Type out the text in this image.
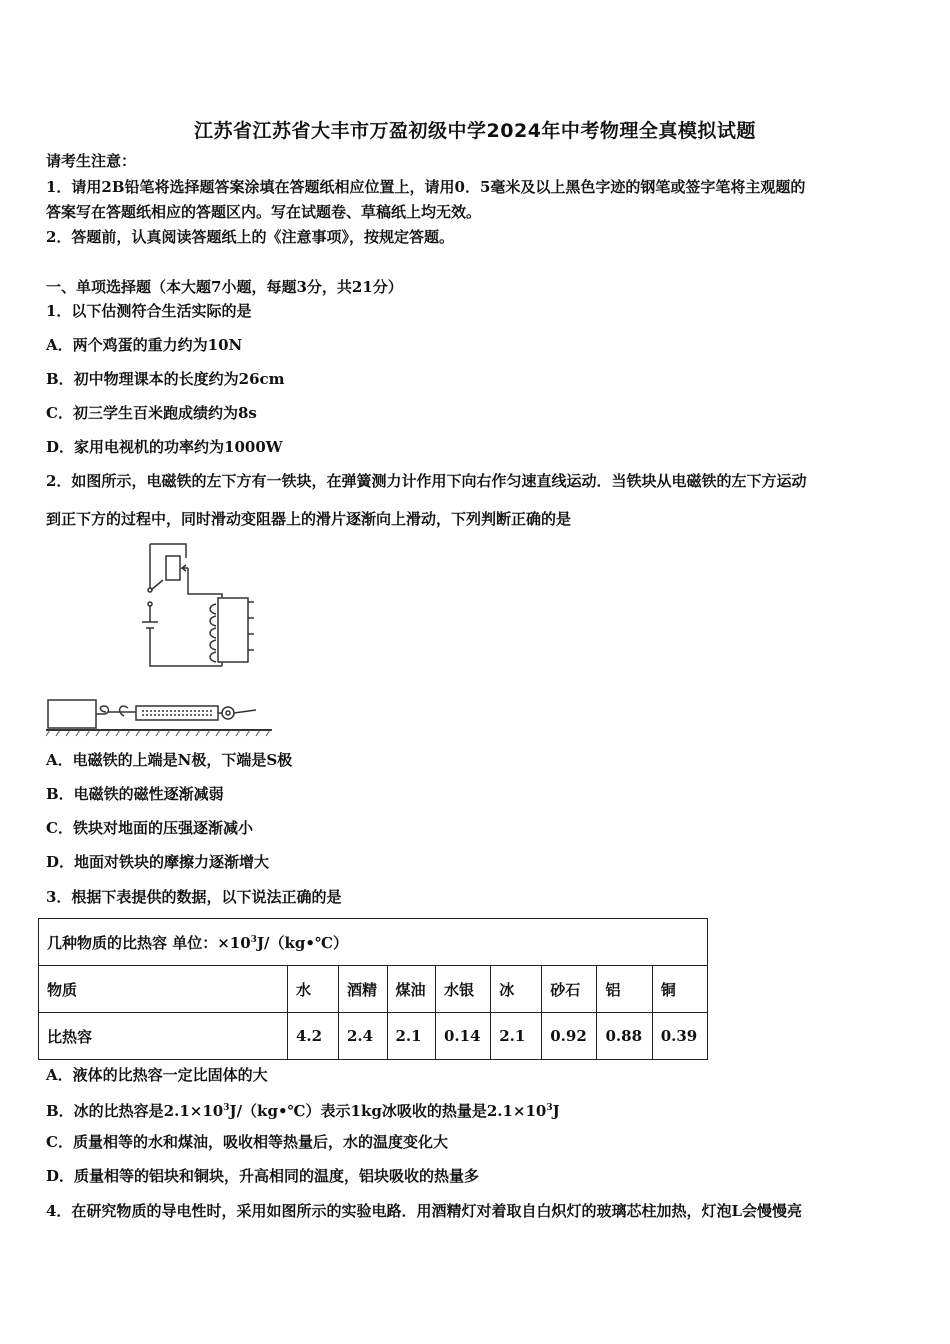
江苏省江苏省大丰市万盈初级中学2024年中考物理全真模拟试题
请考生注意：
1．请用2B铅笔将选择题答案涂填在答题纸相应位置上，请用0．5毫米及以上黑色字迹的钢笔或签字笔将主观题的
答案写在答题纸相应的答题区内。写在试题卷、草稿纸上均无效。
2．答题前，认真阅读答题纸上的《注意事项》，按规定答题。
一、单项选择题（本大题7小题，每题3分，共21分）
1．以下估测符合生活实际的是
A．两个鸡蛋的重力约为10N
B．初中物理课本的长度约为26cm
C．初三学生百米跑成绩约为8s
D．家用电视机的功率约为1000W
2．如图所示，电磁铁的左下方有一铁块，在弹簧测力计作用下向右作匀速直线运动．当铁块从电磁铁的左下方运动
到正下方的过程中，同时滑动变阻器上的滑片逐渐向上滑动，下列判断正确的是
A．电磁铁的上端是N极，下端是S极
B．电磁铁的磁性逐渐减弱
C．铁块对地面的压强逐渐减小
D．地面对铁块的摩擦力逐渐增大
3．根据下表提供的数据，以下说法正确的是
几种物质的比热容 单位：$\times 10^3J/(kg•℃)$								
物质	水	酒精	煤油	水银	冰	砂石	铝	铜
比热容	4.2	2.4	2.1	0.14	2.1	0.92	0.88	0.39
A．液体的比热容一定比固体的大
B．冰的比热容是$2.1\times 10^3J/(kg•℃)$表示1kg冰吸收的热量是$2.1\times 10^3J$
C．质量相等的水和煤油，吸收相等热量后，水的温度变化大
D．质量相等的铝块和铜块，升高相同的温度，铝块吸收的热量多
4．在研究物质的导电性时，采用如图所示的实验电路．用酒精灯对着取自白炽灯的玻璃芯柱加热，灯泡L会慢慢亮
